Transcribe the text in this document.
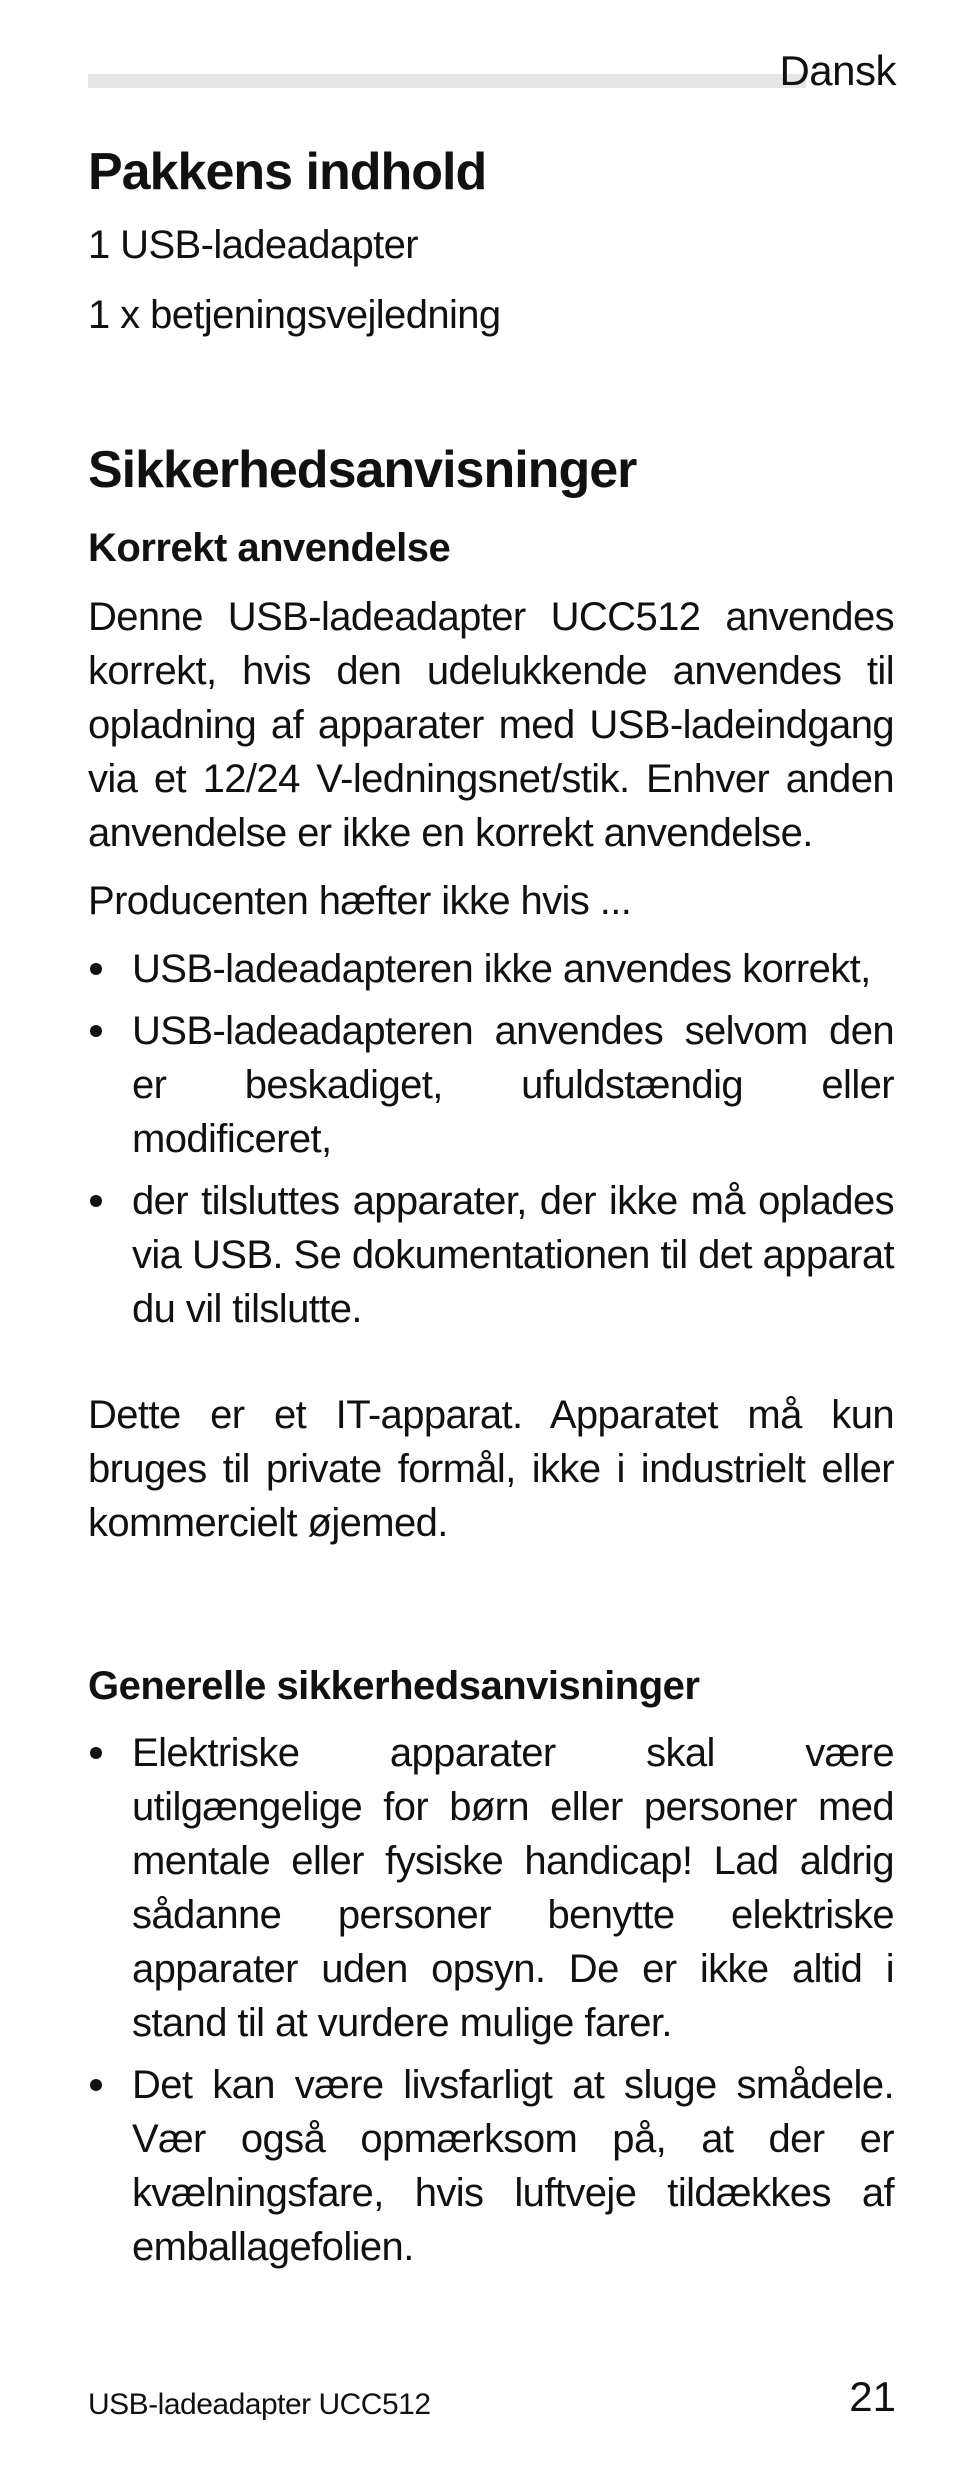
Dansk
Pakkens indhold

1 USB-ladeadapter

1 x betjeningsvejledning

Sikkerhedsanvisninger
Korrekt anvendelse

Denne USB-ladeadapter UCC512 anvendes korrekt, hvis den udelukkende anvendes til opladning af apparater med USB-ladeindgang via et 12/24 V-ledningsnet/stik. Enhver anden anvendelse er ikke en korrekt anvendelse.

Producenten hæfter ikke hvis ...

USB-ladeadapteren ikke anvendes korrekt,
USB-ladeadapteren anvendes selvom den er beskadiget, ufuldstændig eller modificeret,
der tilsluttes apparater, der ikke må oplades via USB. Se dokumentationen til det apparat du vil tilslutte.

Dette er et IT-apparat. Apparatet må kun bruges til private formål, ikke i industrielt eller kommercielt øjemed.

Generelle sikkerhedsanvisninger
Elektriske apparater skal være utilgængelige for børn eller personer med mentale eller fysiske handicap! Lad aldrig sådanne personer benytte elektriske apparater uden opsyn. De er ikke altid i stand til at vurdere mulige farer.
Det kan være livsfarligt at sluge smådele. Vær også opmærksom på, at der er kvælningsfare, hvis luftveje tildækkes af emballagefolien.
USB-ladeadapter UCC512	21
